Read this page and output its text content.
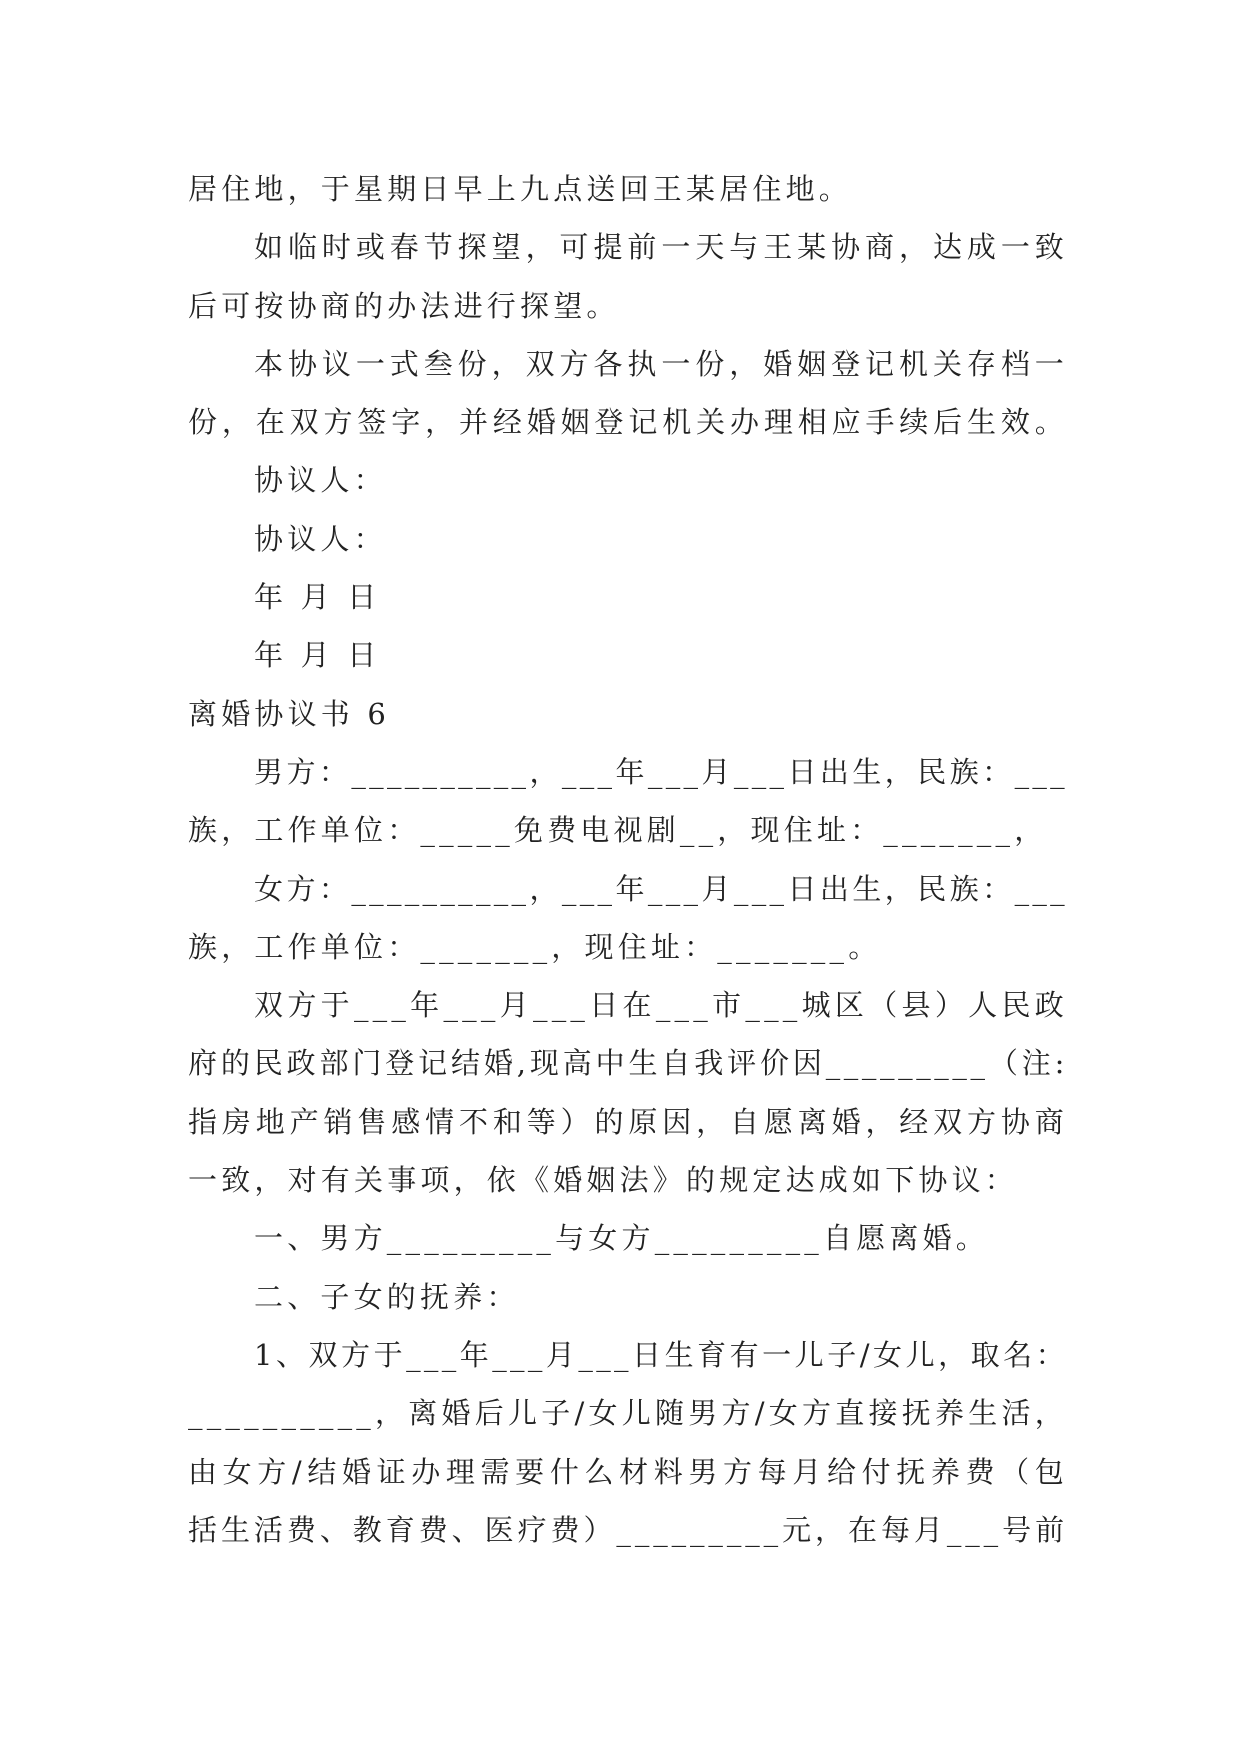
居住地，于星期日早上九点送回王某居住地。
如临时或春节探望，可提前一天与王某协商，达成一致
后可按协商的办法进行探望。
本协议一式叁份，双方各执一份，婚姻登记机关存档一
份，在双方签字，并经婚姻登记机关办理相应手续后生效。
协议人：
协议人：
年 月 日
年 月 日
离婚协议书 6
男方：__________，___年___月___日出生，民族：___
族，工作单位：_____免费电视剧__，现住址：_______，
女方：__________，___年___月___日出生，民族：___
族，工作单位：_______，现住址：_______。
双方于___年___月___日在___市___城区（县）人民政
府的民政部门登记结婚,现高中生自我评价因_________（注:
指房地产销售感情不和等）的原因，自愿离婚，经双方协商
一致，对有关事项，依《婚姻法》的规定达成如下协议：
一、男方_________与女方_________自愿离婚。
二、子女的抚养：
1、双方于___年___月___日生育有一儿子/女儿，取名：
__________，离婚后儿子/女儿随男方/女方直接抚养生活，
由女方/结婚证办理需要什么材料男方每月给付抚养费（包
括生活费、教育费、医疗费）_________元，在每月___号前
